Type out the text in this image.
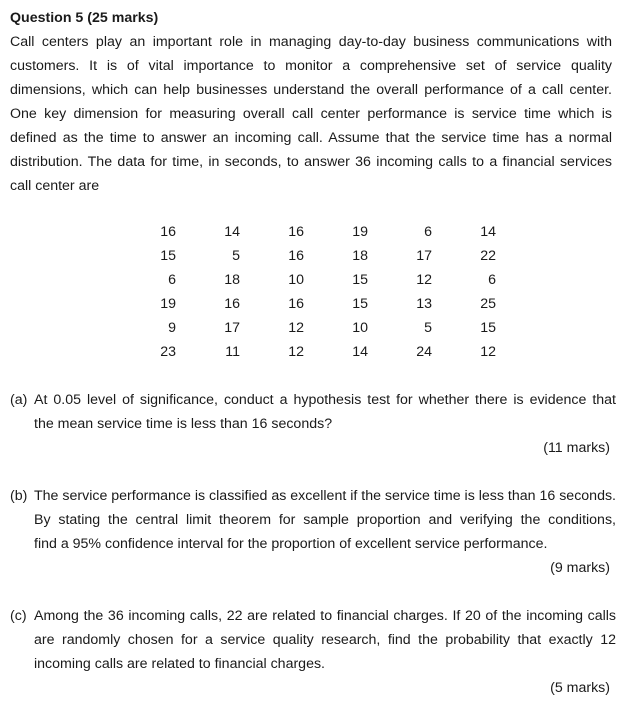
Question 5 (25 marks)
Call centers play an important role in managing day-to-day business communications with
customers. It is of vital importance to monitor a comprehensive set of service quality
dimensions, which can help businesses understand the overall performance of a call center.
One key dimension for measuring overall call center performance is service time which is
defined as the time to answer an incoming call. Assume that the service time has a normal
distribution. The data for time, in seconds, to answer 36 incoming calls to a financial services
call center are
16	14	16	19	6	14
15	5	16	18	17	22
6	18	10	15	12	6
19	16	16	15	13	25
9	17	12	10	5	15
23	11	12	14	24	12
(a) At 0.05 level of significance, conduct a hypothesis test for whether there is evidence that
the mean service time is less than 16 seconds?
(11 marks)
(b) The service performance is classified as excellent if the service time is less than 16 seconds.
By stating the central limit theorem for sample proportion and verifying the conditions,
find a 95% confidence interval for the proportion of excellent service performance.
(9 marks)
(c) Among the 36 incoming calls, 22 are related to financial charges. If 20 of the incoming calls
are randomly chosen for a service quality research, find the probability that exactly 12
incoming calls are related to financial charges.
(5 marks)
